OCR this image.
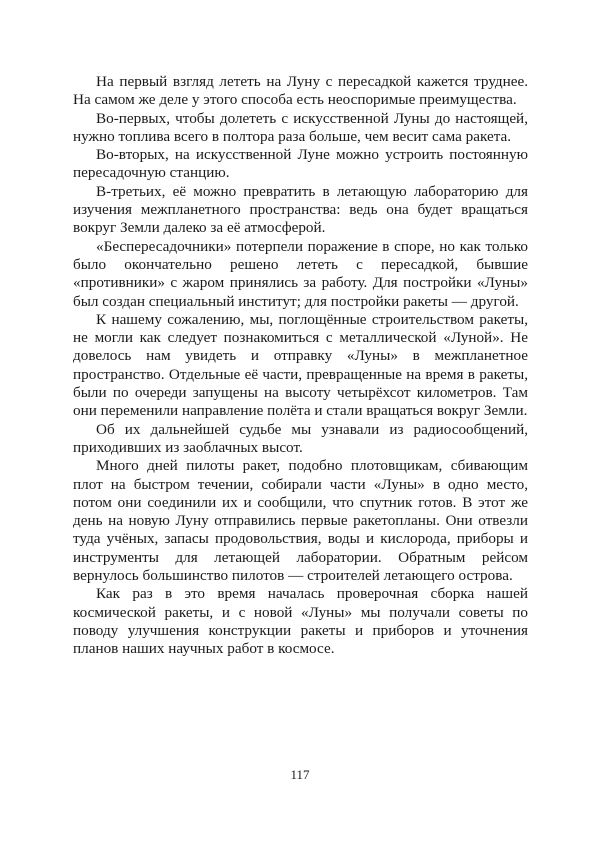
На первый взгляд лететь на Луну с пересадкой кажется труднее. На самом же деле у этого способа есть неоспоримые преимущества.

Во-первых, чтобы долететь с искусственной Луны до настоящей, нужно топлива всего в полтора раза больше, чем весит сама ракета.

Во-вторых, на искусственной Луне можно устроить постоянную пересадочную станцию.

В-третьих, её можно превратить в летающую лабораторию для изучения межпланетного пространства: ведь она будет вращаться вокруг Земли далеко за её атмосферой.

«Беспересадочники» потерпели поражение в споре, но как только было окончательно решено лететь с пересадкой, бывшие «противники» с жаром принялись за работу. Для постройки «Луны» был создан специальный институт; для постройки ракеты — другой.

К нашему сожалению, мы, поглощённые строительством ракеты, не могли как следует познакомиться с металлической «Луной». Не довелось нам увидеть и отправку «Луны» в межпланетное пространство. Отдельные её части, превращенные на время в ракеты, были по очереди запущены на высоту четырёхсот километров. Там они переменили направление полёта и стали вращаться вокруг Земли.

Об их дальнейшей судьбе мы узнавали из радиосообщений, приходивших из заоблачных высот.

Много дней пилоты ракет, подобно плотовщикам, сбивающим плот на быстром течении, собирали части «Луны» в одно место, потом они соединили их и сообщили, что спутник готов. В этот же день на новую Луну отправились первые ракетопланы. Они отвезли туда учёных, запасы продовольствия, воды и кислорода, приборы и инструменты для летающей лаборатории. Обратным рейсом вернулось большинство пилотов — строителей летающего острова.

Как раз в это время началась проверочная сборка нашей космической ракеты, и с новой «Луны» мы получали советы по поводу улучшения конструкции ракеты и приборов и уточнения планов наших научных работ в космосе.

117
